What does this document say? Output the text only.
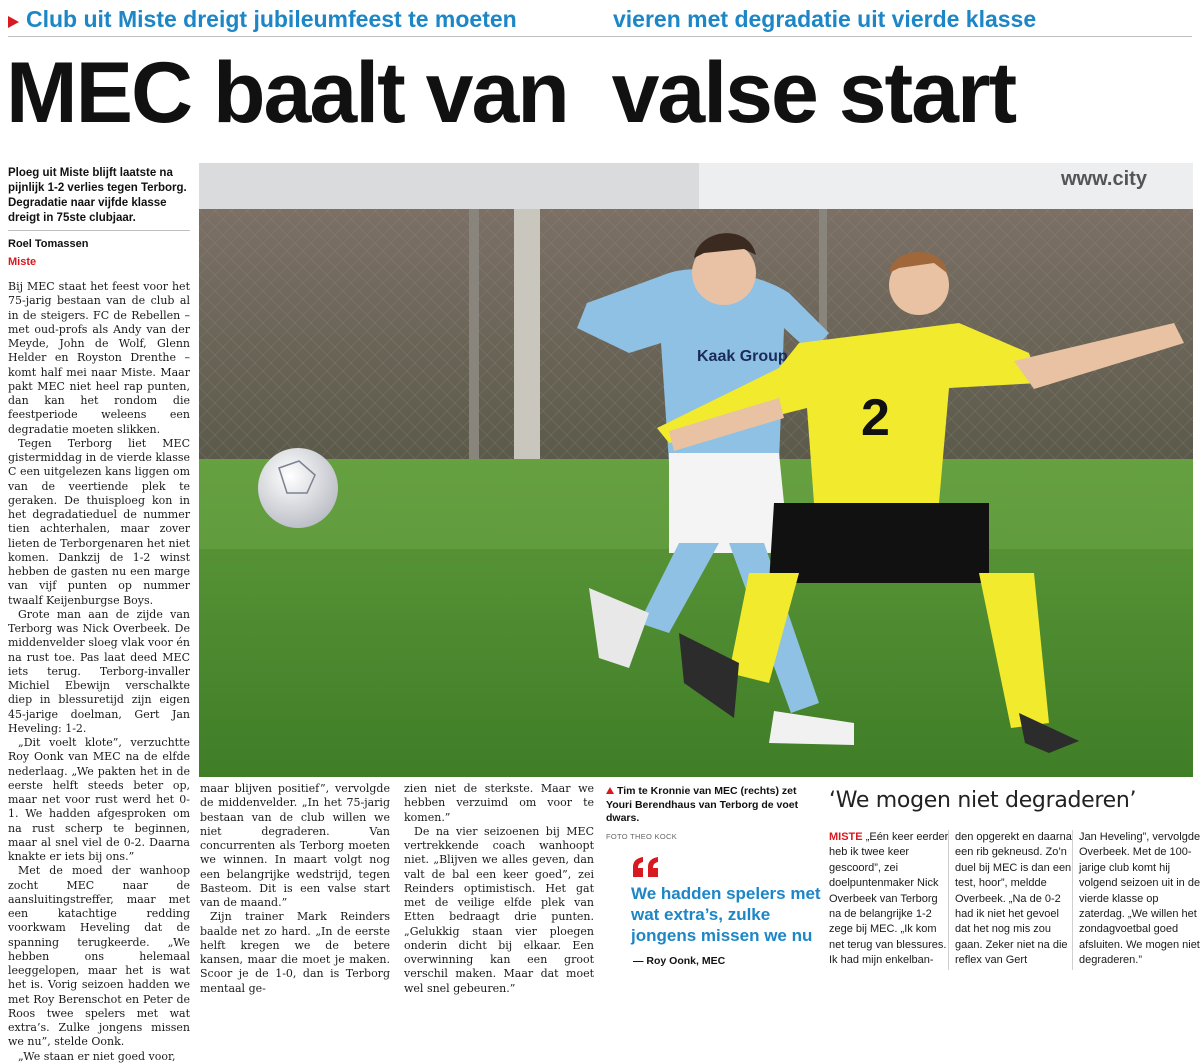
Club uit Miste dreigt jubileumfeest te moeten	vieren met degradatie uit vierde klasse
MEC baalt van  valse start
Ploeg uit Miste blijft laatste na pijnlijk 1-2 verlies tegen Terborg. Degradatie naar vijfde klasse dreigt in 75ste clubjaar.
Roel Tomassen
Miste

Bij MEC staat het feest voor het 75-jarig bestaan van de club al in de steigers. FC de Rebellen – met oud-profs als Andy van der Meyde, John de Wolf, Glenn Helder en Royston Drenthe – komt half mei naar Miste. Maar pakt MEC niet heel rap punten, dan kan het rondom die feestperiode weleens een degradatie moeten slikken.

Tegen Terborg liet MEC gistermiddag in de vierde klasse C een uitgelezen kans liggen om van de veertiende plek te geraken. De thuisploeg kon in het degradatieduel de nummer tien achterhalen, maar zover lieten de Terborgenaren het niet komen. Dankzij de 1-2 winst hebben de gasten nu een marge van vijf punten op nummer twaalf Keijenburgse Boys.

Grote man aan de zijde van Terborg was Nick Overbeek. De middenvelder sloeg vlak voor én na rust toe. Pas laat deed MEC iets terug. Terborg-invaller Michiel Ebewijn verschalkte diep in blessuretijd zijn eigen 45-jarige doelman, Gert Jan Heveling: 1-2.

„Dit voelt klote”, verzuchtte Roy Oonk van MEC na de elfde nederlaag. „We pakten het in de eerste helft steeds beter op, maar net voor rust werd het 0-1. We hadden afgesproken om na rust scherp te beginnen, maar al snel viel de 0-2. Daarna knakte er iets bij ons.”

Met de moed der wanhoop zocht MEC naar de aansluitingstreffer, maar met een katachtige redding voorkwam Heveling dat de spanning terugkeerde. „We hebben ons helemaal leeggelopen, maar het is wat het is. Vorig seizoen hadden we met Roy Berenschot en Peter de Roos twee spelers met wat extra’s. Zulke jongens missen we nu”, stelde Oonk.

„We staan er niet goed voor,

www.city
Kaak Group
2

maar blijven positief”, vervolgde de middenvelder. „In het 75-jarig bestaan van de club willen we niet degraderen. Van concurrenten als Terborg moeten we winnen. In maart volgt nog een belangrijke wedstrijd, tegen Basteom. Dit is een valse start van de maand.”

Zijn trainer Mark Reinders baalde net zo hard. „In de eerste helft kregen we de betere kansen, maar die moet je maken. Scoor je de 1-0, dan is Terborg mentaal ge-

zien niet de sterkste. Maar we hebben verzuimd om voor te komen.”

De na vier seizoenen bij MEC vertrekkende coach wanhoopt niet. „Blijven we alles geven, dan valt de bal een keer goed”, zei Reinders optimistisch. Het gat met de veilige elfde plek van Etten bedraagt drie punten. „Gelukkig staan vier ploegen onderin dicht bij elkaar. Een overwinning kan een groot verschil maken. Maar dat moet wel snel gebeuren.”

Tim te Kronnie van MEC (rechts) zet Youri Berendhaus van Terborg de voet dwars.
FOTO THEO KOCK
We hadden spelers met wat extra’s, zulke jongens missen we nu
— Roy Oonk, MEC
‘We mogen niet degraderen’

MISTE „Eén keer eerder heb ik twee keer gescoord”, zei doelpuntenmaker Nick Overbeek van Terborg na de belangrijke 1-2 zege bij MEC. „Ik kom net terug van blessures. Ik had mijn enkelban-

den opgerekt en daarna een rib gekneusd. Zo’n duel bij MEC is dan een test, hoor”, meldde Overbeek. „Na de 0-2 had ik niet het gevoel dat het nog mis zou gaan. Zeker niet na die reflex van Gert

Jan Heveling”, vervolgde Overbeek. Met de 100-jarige club komt hij volgend seizoen uit in de vierde klasse op zaterdag. „We willen het zondagvoetbal goed afsluiten. We mogen niet degraderen.”
